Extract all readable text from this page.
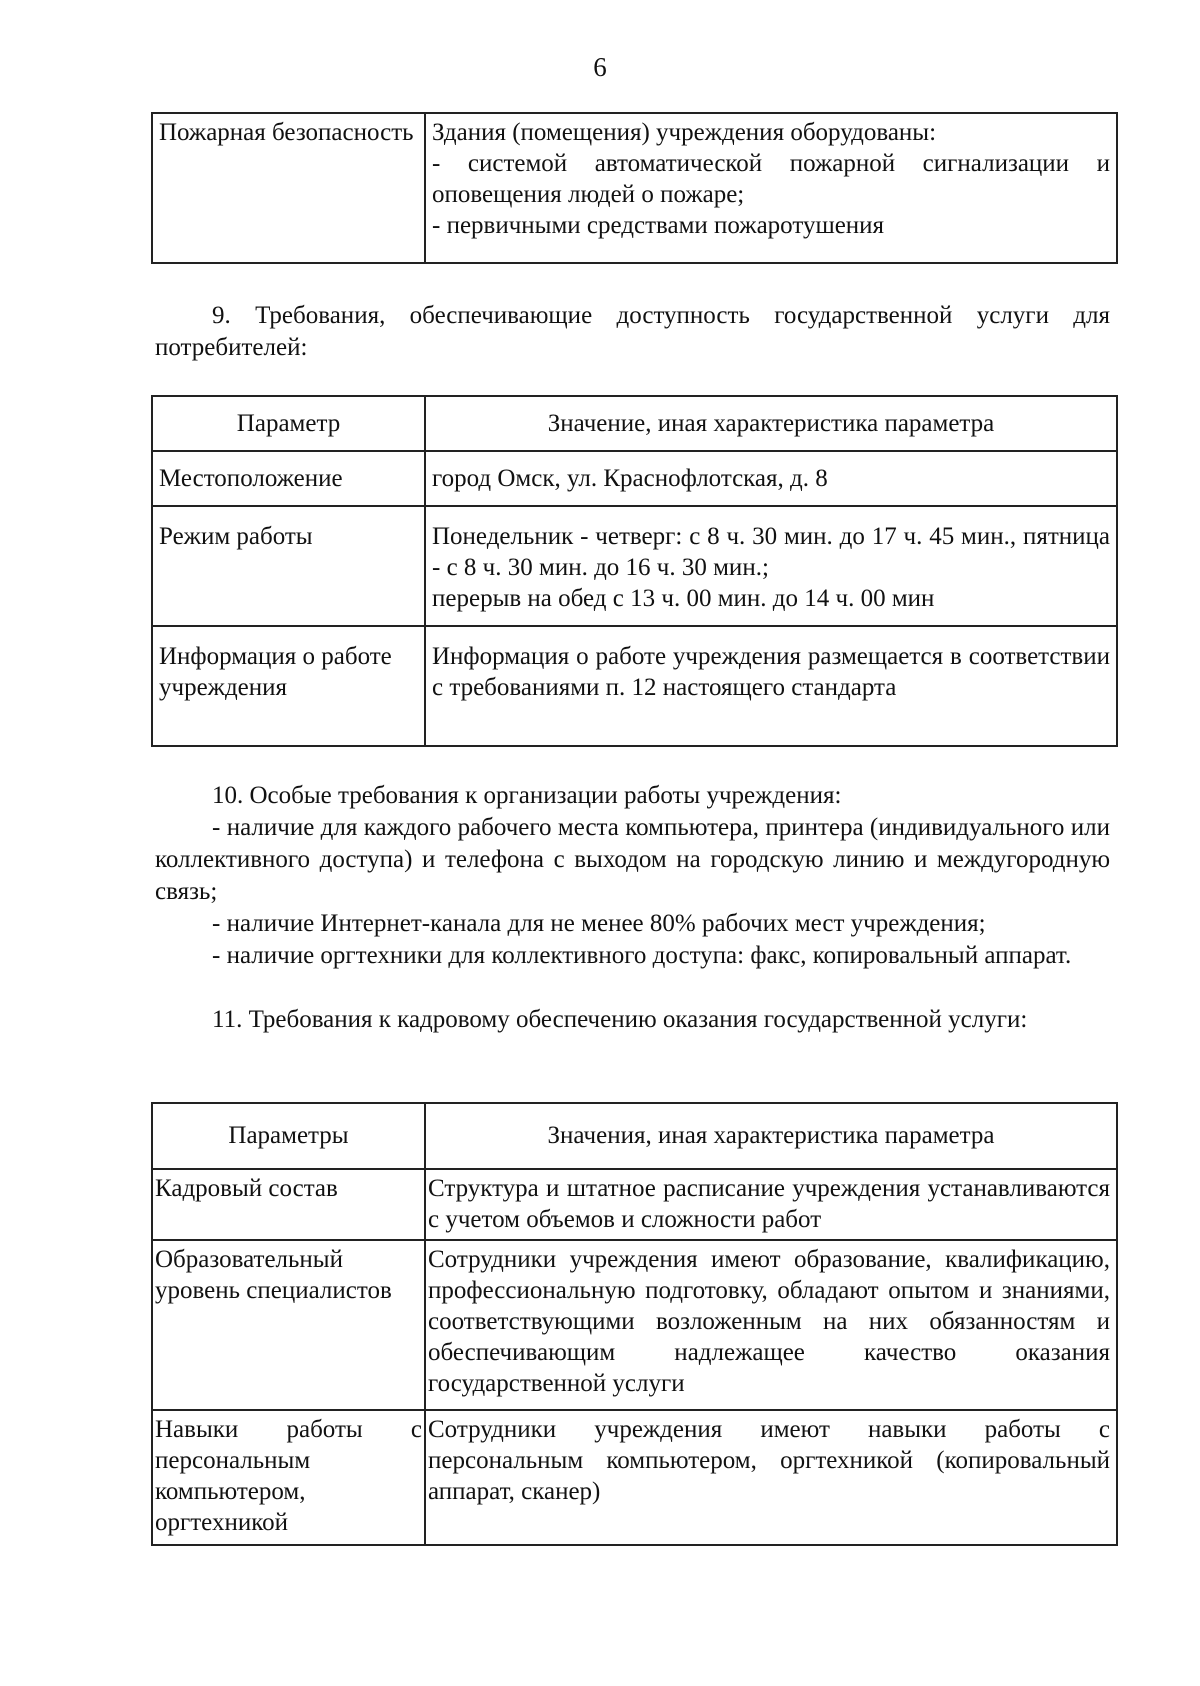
6
Пожарная безопасность	Здания (помещения) учреждения оборудованы:
- системой автоматической пожарной сигнализации и оповещения людей о пожаре;
- первичными средствами пожаротушения
9. Требования, обеспечивающие доступность государственной услуги для потребителей:
Параметр	Значение, иная характеристика параметра
Местоположение	город Омск, ул. Краснофлотская, д. 8
Режим работы	Понедельник - четверг: с 8 ч. 30 мин. до 17 ч. 45 мин., пятница - с 8 ч. 30 мин. до 16 ч. 30 мин.;
перерыв на обед с 13 ч. 00 мин. до 14 ч. 00 мин

Информация о работе учреждения	Информация о работе учреждения размещается в соответствии с требованиями п. 12 настоящего стандарта
10. Особые требования к организации работы учреждения:
- наличие для каждого рабочего места компьютера, принтера (индивидуального или коллективного доступа) и телефона с выходом на городскую линию и междугородную связь;
- наличие Интернет-канала для не менее 80% рабочих мест учреждения;
- наличие оргтехники для коллективного доступа: факс, копировальный аппарат.
11. Требования к кадровому обеспечению оказания государственной услуги:
Параметры	Значения, иная характеристика параметра
Кадровый состав	Структура и штатное расписание учреждения устанавливаются с учетом объемов и сложности работ
Образовательный уровень специалистов	Сотрудники учреждения имеют образование, квалификацию, профессиональную подготовку, обладают опытом и знаниями, соответствующими возложенным на них обязанностям и обеспечивающим надлежащее качество оказания государственной услуги
Навыки работы с персональным компьютером, оргтехникой	Сотрудники учреждения имеют навыки работы с персональным компьютером, оргтехникой (копировальный аппарат, сканер)
